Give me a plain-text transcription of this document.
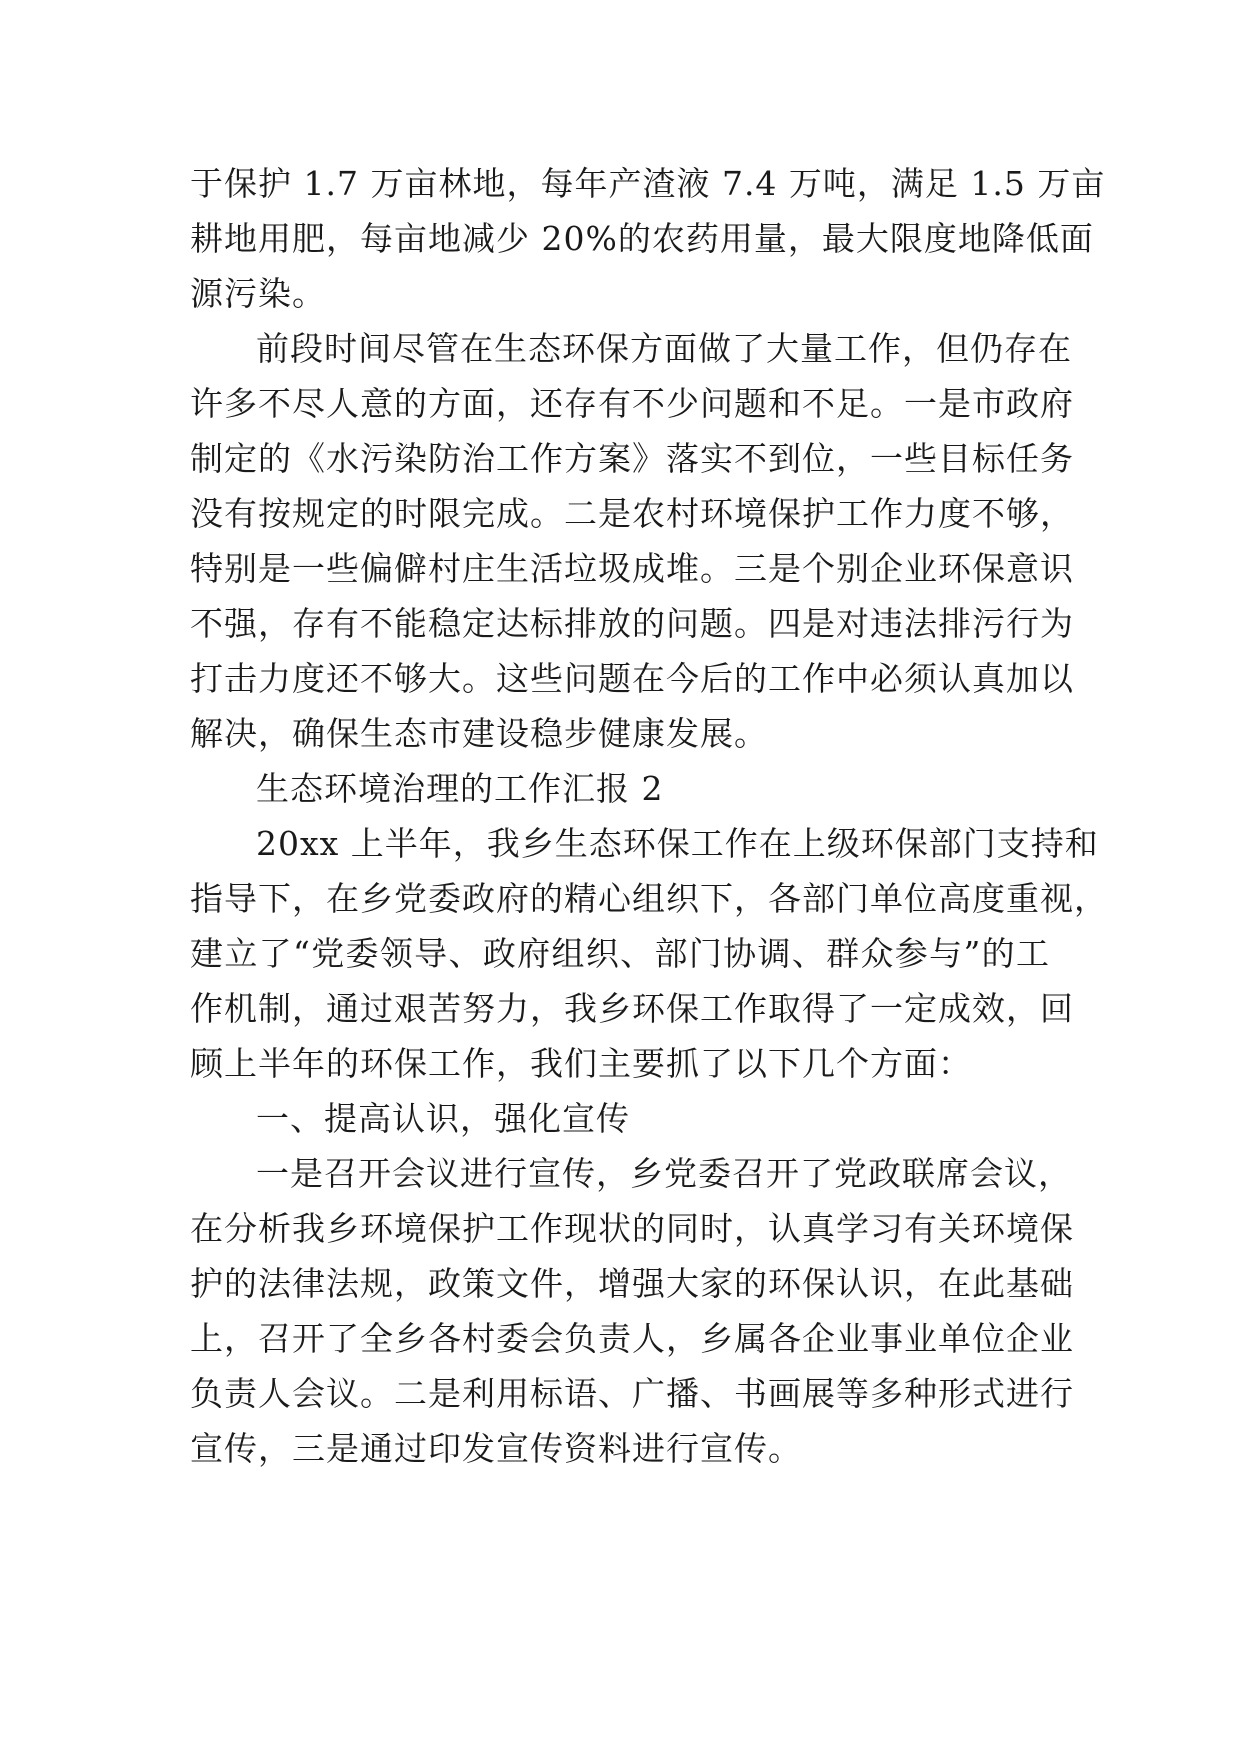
于保护 1.7 万亩林地，每年产渣液 7.4 万吨，满足 1.5 万亩
耕地用肥，每亩地减少 20%的农药用量，最大限度地降低面
源污染。
前段时间尽管在生态环保方面做了大量工作，但仍存在
许多不尽人意的方面，还存有不少问题和不足。一是市政府
制定的《水污染防治工作方案》落实不到位，一些目标任务
没有按规定的时限完成。二是农村环境保护工作力度不够，
特别是一些偏僻村庄生活垃圾成堆。三是个别企业环保意识
不强，存有不能稳定达标排放的问题。四是对违法排污行为
打击力度还不够大。这些问题在今后的工作中必须认真加以
解决，确保生态市建设稳步健康发展。
生态环境治理的工作汇报 2
20xx 上半年，我乡生态环保工作在上级环保部门支持和
指导下，在乡党委政府的精心组织下，各部门单位高度重视，
建立了“党委领导、政府组织、部门协调、群众参与”的工
作机制，通过艰苦努力，我乡环保工作取得了一定成效，回
顾上半年的环保工作，我们主要抓了以下几个方面：
一、提高认识，强化宣传
一是召开会议进行宣传，乡党委召开了党政联席会议，
在分析我乡环境保护工作现状的同时，认真学习有关环境保
护的法律法规，政策文件，增强大家的环保认识，在此基础
上，召开了全乡各村委会负责人，乡属各企业事业单位企业
负责人会议。二是利用标语、广播、书画展等多种形式进行
宣传，三是通过印发宣传资料进行宣传。
